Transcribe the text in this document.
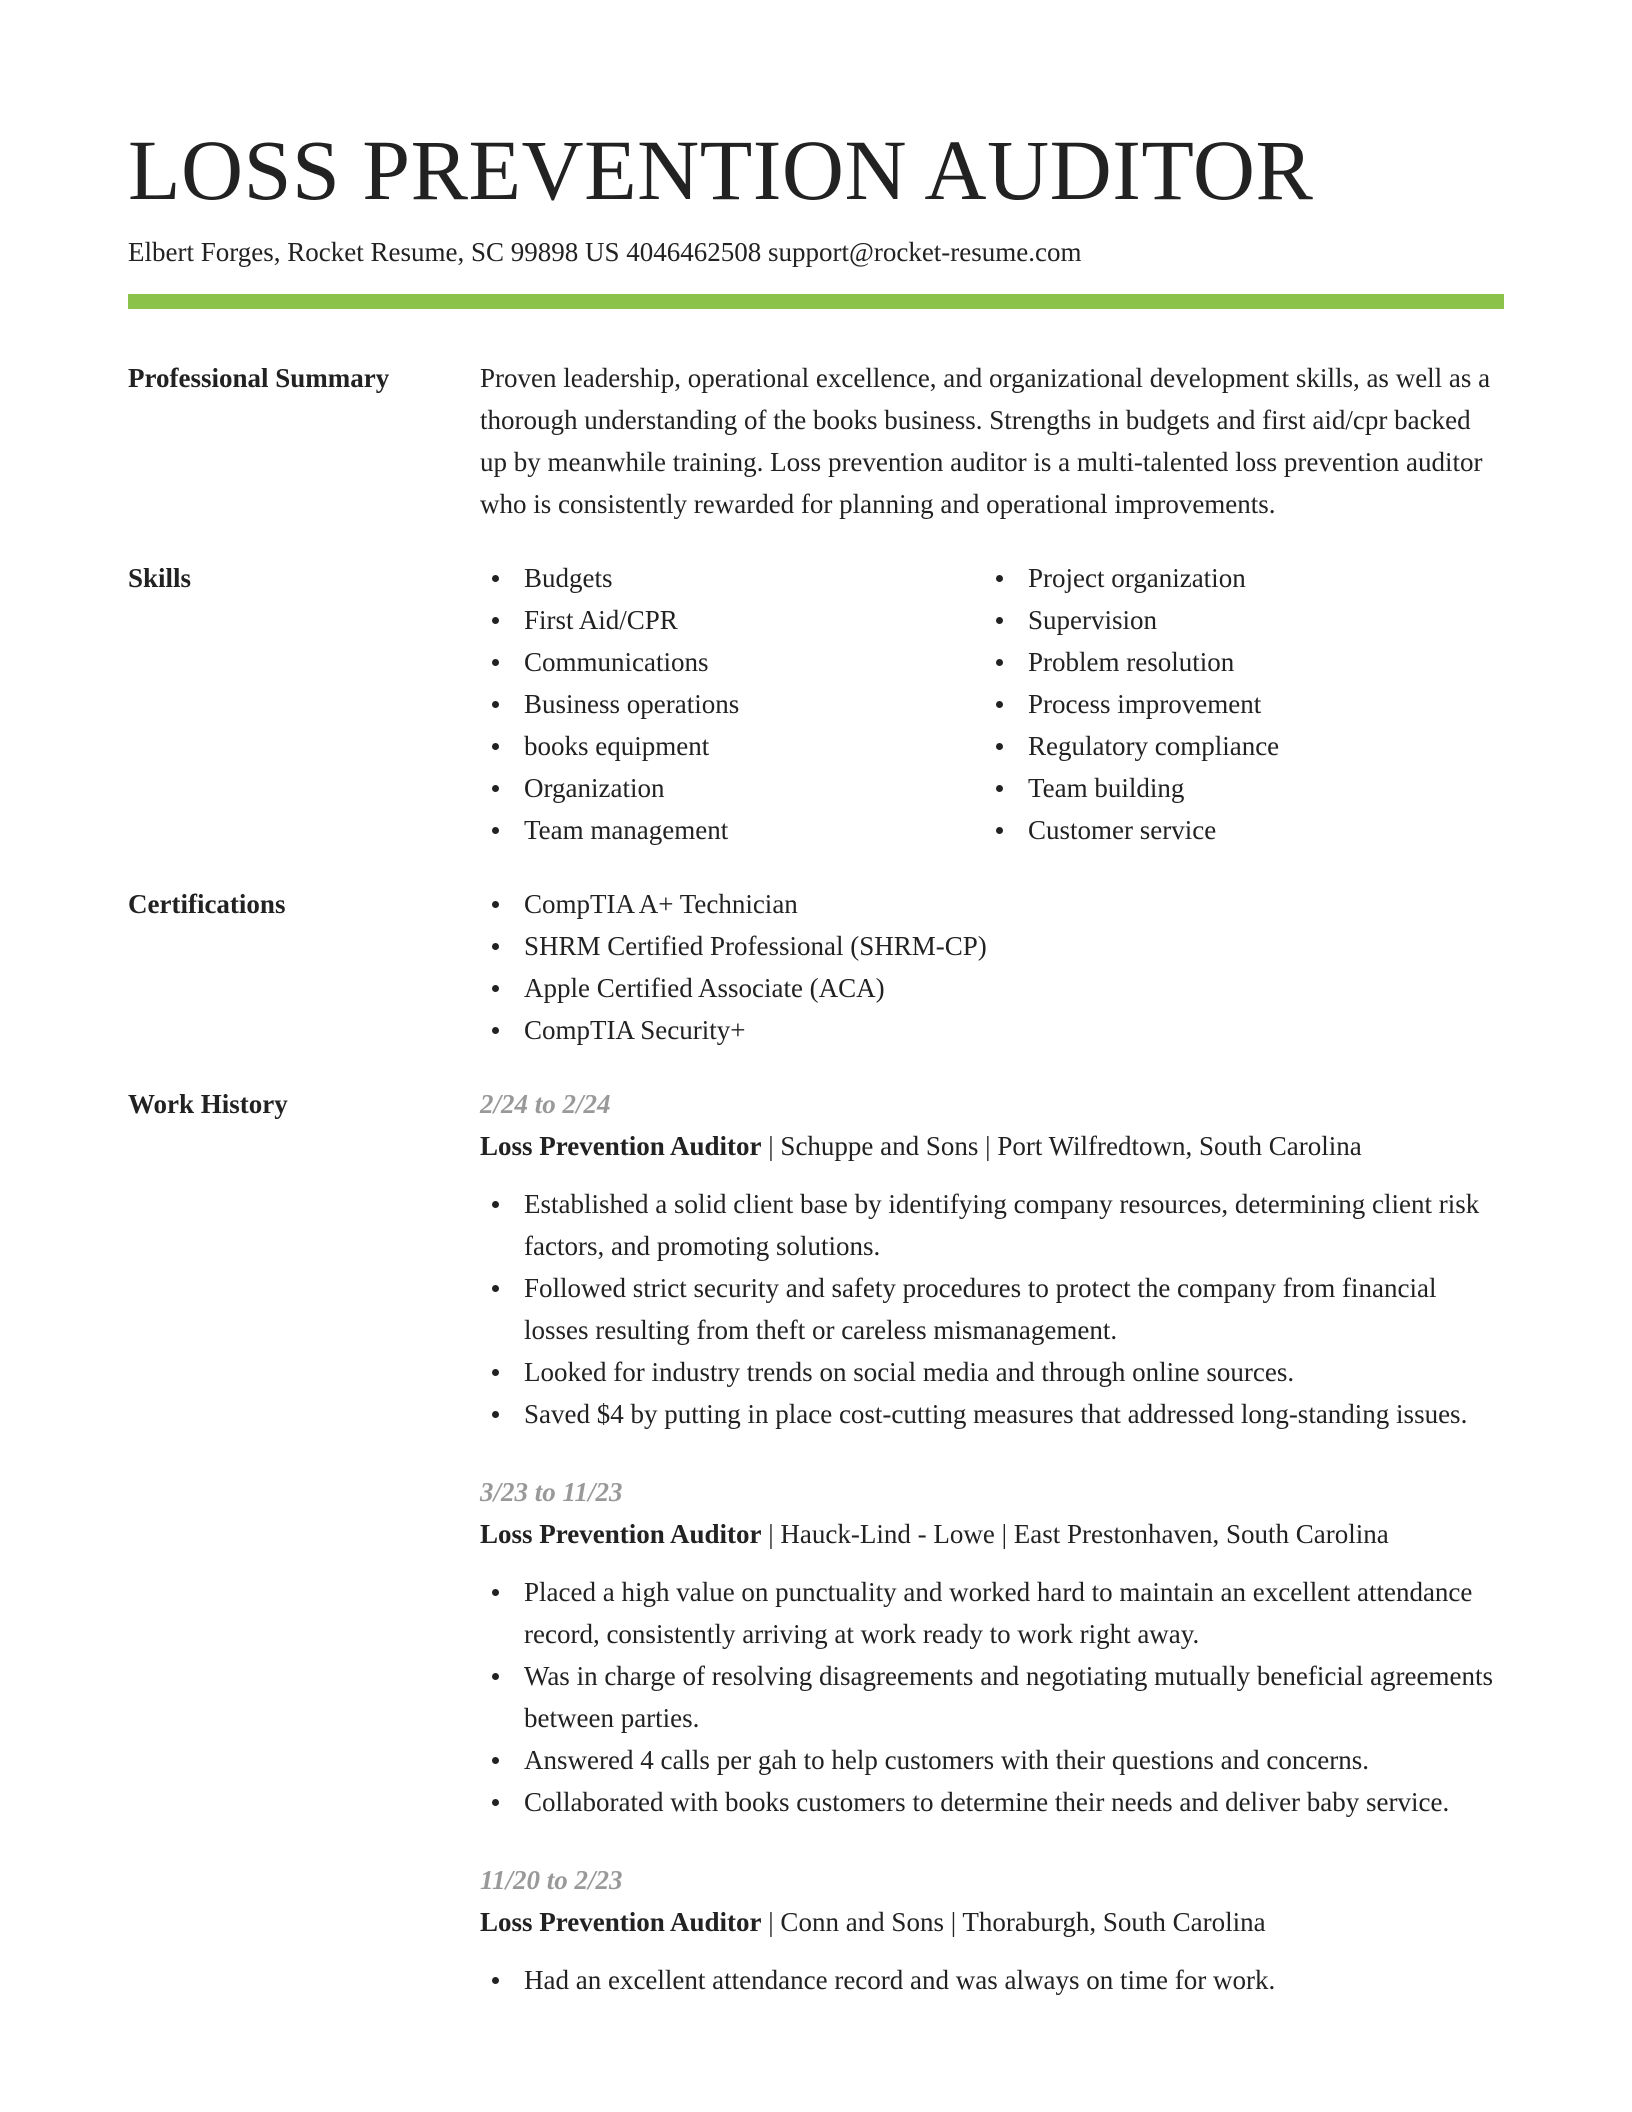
LOSS PREVENTION AUDITOR
Elbert Forges, Rocket Resume, SC 99898 US 4046462508 support@rocket-resume.com
Professional Summary	Proven leadership, operational excellence, and organizational development skills, as well as a thorough understanding of the books business. Strengths in budgets and first aid/cpr backed up by meanwhile training. Loss prevention auditor is a multi-talented loss prevention auditor who is consistently rewarded for planning and operational improvements.
Skills	Budgets
First Aid/CPR
Communications
Business operations
books equipment
Organization
Team management
Project organization
Supervision
Problem resolution
Process improvement
Regulatory compliance
Team building
Customer service
Certifications	CompTIA A+ Technician
SHRM Certified Professional (SHRM-CP)
Apple Certified Associate (ACA)
CompTIA Security+
Work History	2/24 to 2/24
Loss Prevention Auditor | Schuppe and Sons | Port Wilfredtown, South Carolina
Established a solid client base by identifying company resources, determining client risk factors, and promoting solutions.
Followed strict security and safety procedures to protect the company from financial losses resulting from theft or careless mismanagement.
Looked for industry trends on social media and through online sources.
Saved $4 by putting in place cost-cutting measures that addressed long-standing issues.
3/23 to 11/23
Loss Prevention Auditor | Hauck-Lind - Lowe | East Prestonhaven, South Carolina
Placed a high value on punctuality and worked hard to maintain an excellent attendance record, consistently arriving at work ready to work right away.
Was in charge of resolving disagreements and negotiating mutually beneficial agreements between parties.
Answered 4 calls per gah to help customers with their questions and concerns.
Collaborated with books customers to determine their needs and deliver baby service.
11/20 to 2/23
Loss Prevention Auditor | Conn and Sons | Thoraburgh, South Carolina
Had an excellent attendance record and was always on time for work.
